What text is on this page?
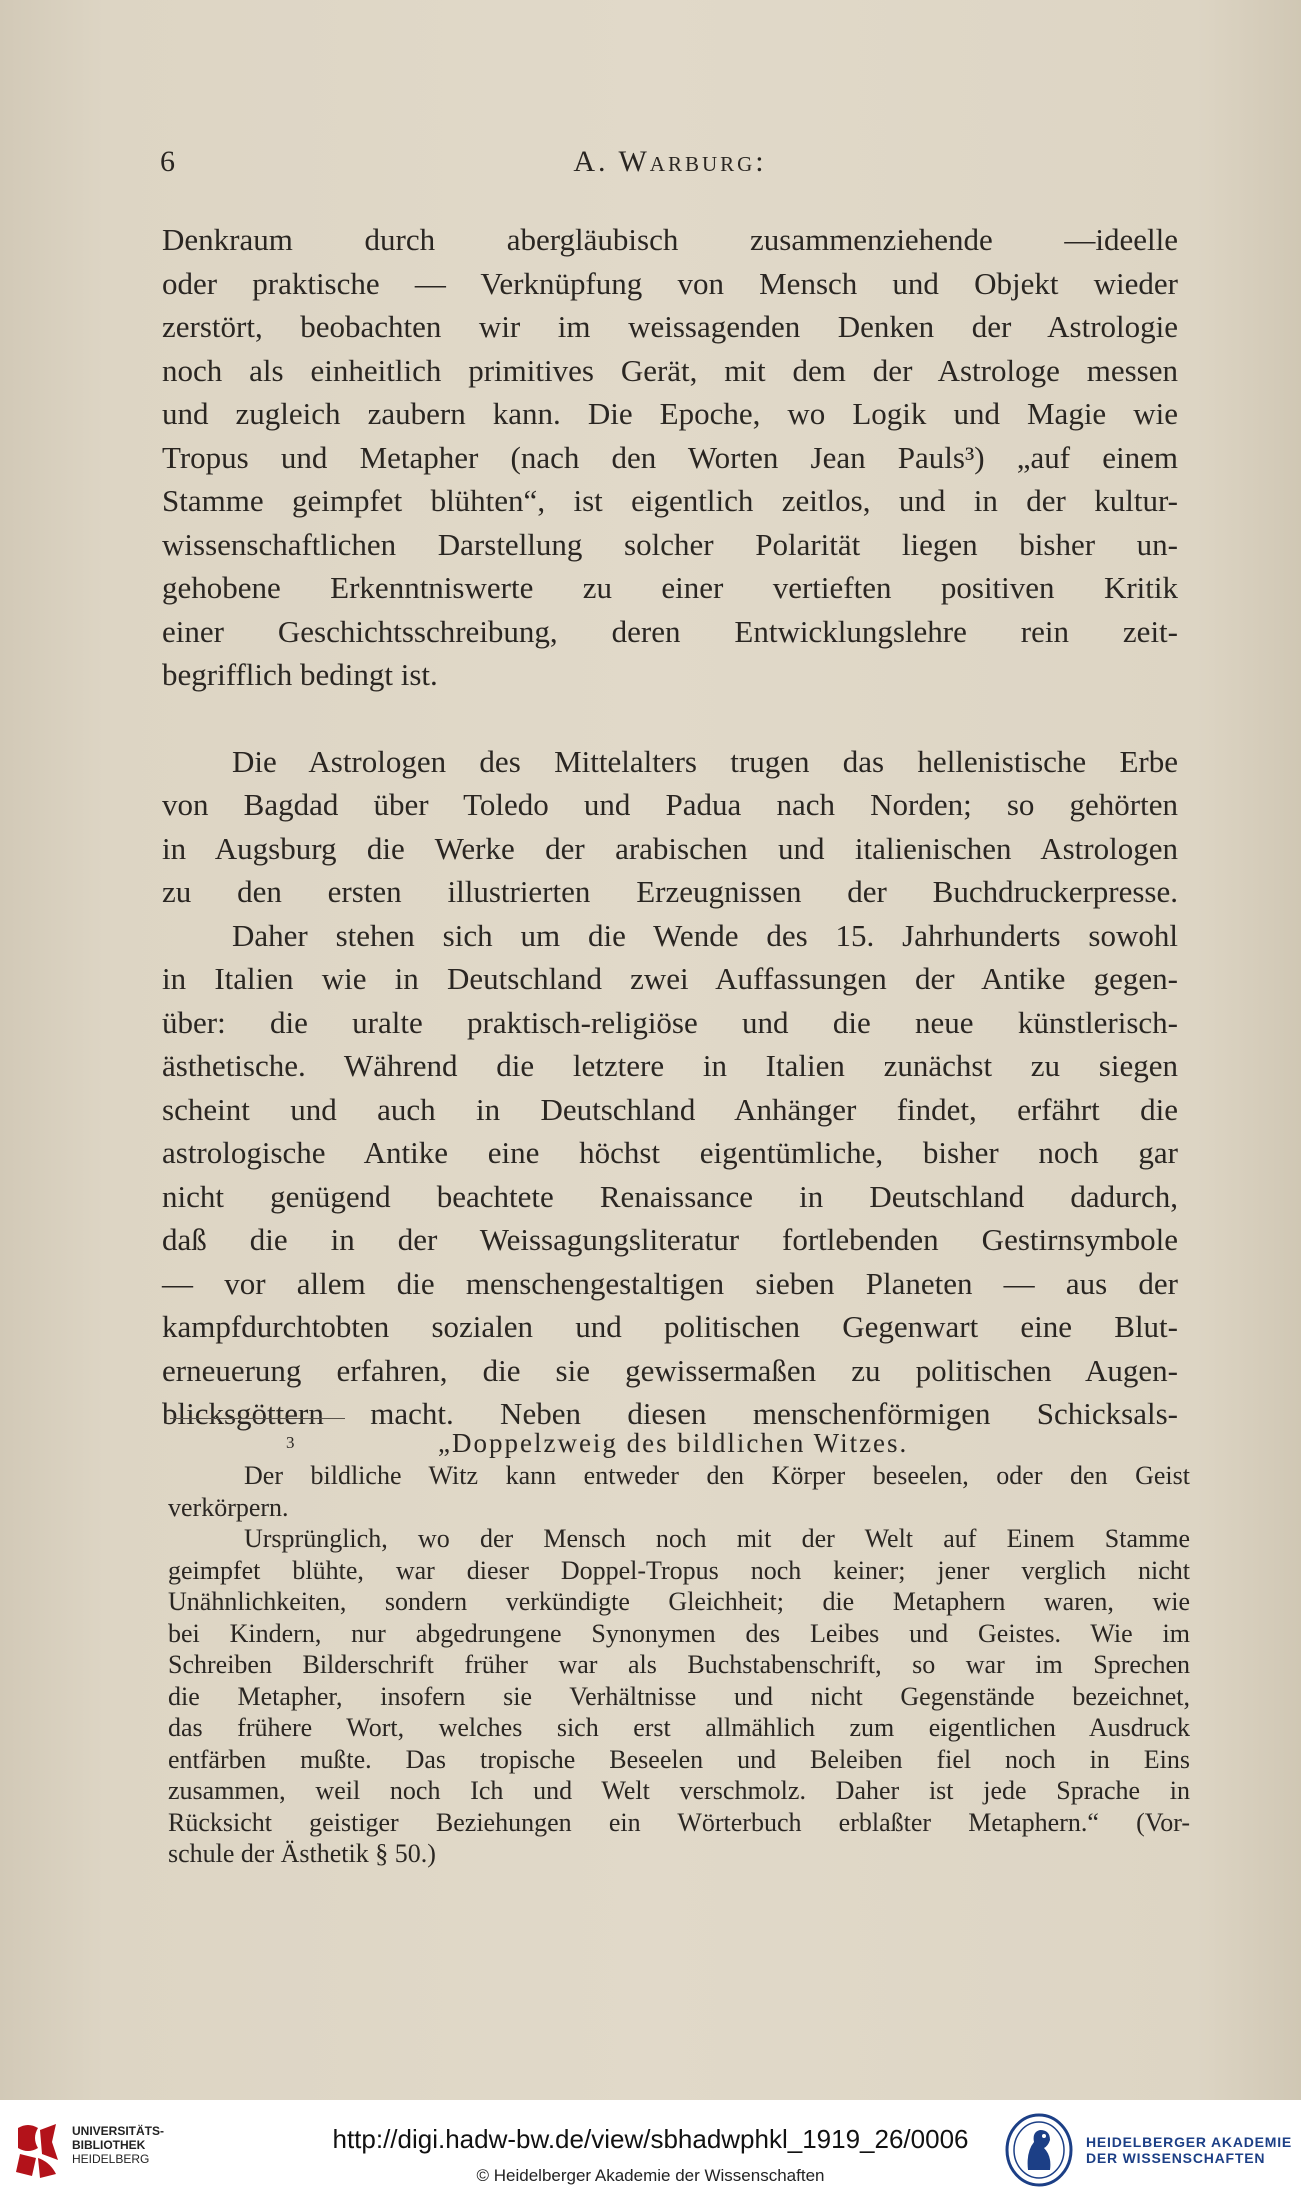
6	A. Warburg:
Denkraum durch abergläubisch zusammenziehende —ideelle
oder praktische — Verknüpfung von Mensch und Objekt wieder
zerstört, beobachten wir im weissagenden Denken der Astrologie
noch als einheitlich primitives Gerät, mit dem der Astrologe messen
und zugleich zaubern kann. Die Epoche, wo Logik und Magie wie
Tropus und Metapher (nach den Worten Jean Pauls³) „auf einem
Stamme geimpfet blühten“, ist eigentlich zeitlos, und in der kultur-
wissenschaftlichen Darstellung solcher Polarität liegen bisher un-
gehobene Erkenntniswerte zu einer vertieften positiven Kritik
einer Geschichtsschreibung, deren Entwicklungslehre rein zeit-
begrifflich bedingt ist.
Die Astrologen des Mittelalters trugen das hellenistische Erbe
von Bagdad über Toledo und Padua nach Norden; so gehörten
in Augsburg die Werke der arabischen und italienischen Astrologen
zu den ersten illustrierten Erzeugnissen der Buchdruckerpresse.
Daher stehen sich um die Wende des 15. Jahrhunderts sowohl
in Italien wie in Deutschland zwei Auffassungen der Antike gegen-
über: die uralte praktisch-religiöse und die neue künstlerisch-
ästhetische. Während die letztere in Italien zunächst zu siegen
scheint und auch in Deutschland Anhänger findet, erfährt die
astrologische Antike eine höchst eigentümliche, bisher noch gar
nicht genügend beachtete Renaissance in Deutschland dadurch,
daß die in der Weissagungsliteratur fortlebenden Gestirnsymbole
— vor allem die menschengestaltigen sieben Planeten — aus der
kampfdurchtobten sozialen und politischen Gegenwart eine Blut-
erneuerung erfahren, die sie gewissermaßen zu politischen Augen-
blicksgöttern macht. Neben diesen menschenförmigen Schicksals-
3	„Doppelzweig des bildlichen Witzes.
Der bildliche Witz kann entweder den Körper beseelen, oder den Geist
verkörpern.
Ursprünglich, wo der Mensch noch mit der Welt auf Einem Stamme
geimpfet blühte, war dieser Doppel-Tropus noch keiner; jener verglich nicht
Unähnlichkeiten, sondern verkündigte Gleichheit; die Metaphern waren, wie
bei Kindern, nur abgedrungene Synonymen des Leibes und Geistes. Wie im
Schreiben Bilderschrift früher war als Buchstabenschrift, so war im Sprechen
die Metapher, insofern sie Verhältnisse und nicht Gegenstände bezeichnet,
das frühere Wort, welches sich erst allmählich zum eigentlichen Ausdruck
entfärben mußte. Das tropische Beseelen und Beleiben fiel noch in Eins
zusammen, weil noch Ich und Welt verschmolz. Daher ist jede Sprache in
Rücksicht geistiger Beziehungen ein Wörterbuch erblaßter Metaphern.“ (Vor-
schule der Ästhetik § 50.)
UNIVERSITÄTS-
BIBLIOTHEK
HEIDELBERG
http://digi.hadw-bw.de/view/sbhadwphkl_1919_26/0006
© Heidelberger Akademie der Wissenschaften
HEIDELBERGER AKADEMIE
DER WISSENSCHAFTEN
